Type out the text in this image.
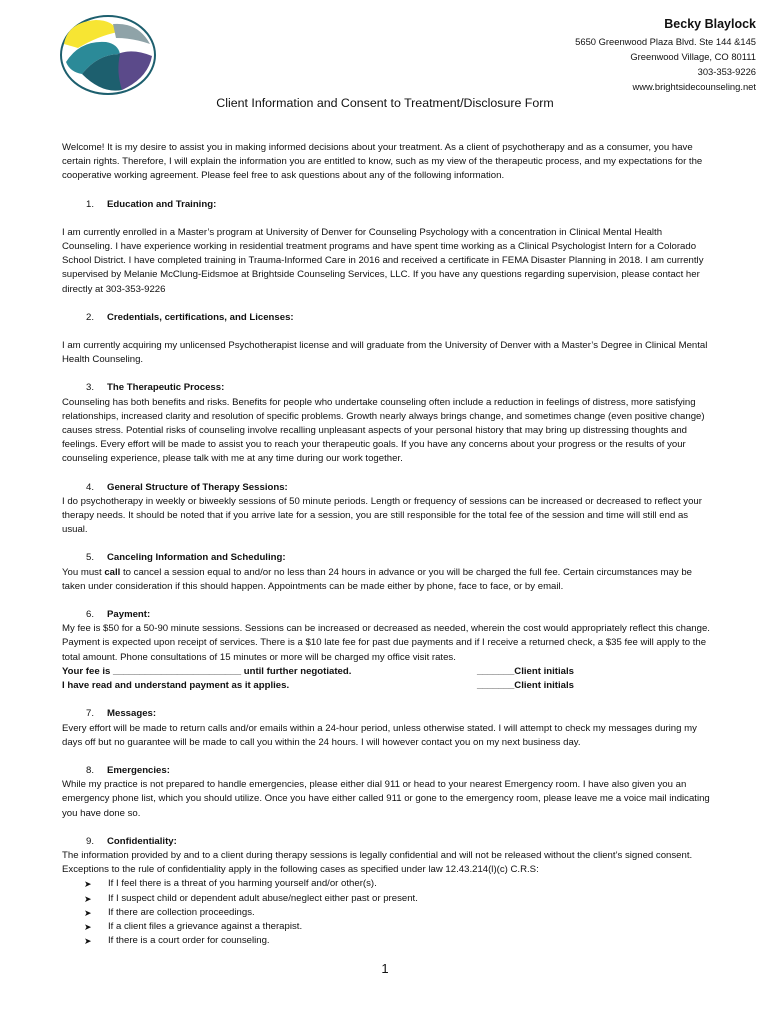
Becky Blaylock
5650 Greenwood Plaza Blvd. Ste 144 &145
Greenwood Village, CO 80111
303-353-9226
www.brightsidecounseling.net
Client Information and Consent to Treatment/Disclosure Form

Welcome! It is my desire to assist you in making informed decisions about your treatment. As a client of psychotherapy and as a consumer, you have certain rights. Therefore, I will explain the information you are entitled to know, such as my view of the therapeutic process, and my expectations for the cooperative working agreement. Please feel free to ask questions about any of the following information.

1.	Education and Training:

I am currently enrolled in a Master’s program at University of Denver for Counseling Psychology with a concentration in Clinical Mental Health Counseling. I have experience working in residential treatment programs and have spent time working as a Clinical Psychologist Intern for a Colorado School District. I have completed training in Trauma-Informed Care in 2016 and received a certificate in FEMA Disaster Planning in 2018. I am currently supervised by Melanie McClung-Eidsmoe at Brightside Counseling Services, LLC. If you have any questions regarding supervision, please contact her directly at 303-353-9226

2.	Credentials, certifications, and Licenses:

I am currently acquiring my unlicensed Psychotherapist license and will graduate from the University of Denver with a Master’s Degree in Clinical Mental Health Counseling.

3.	The Therapeutic Process:

Counseling has both benefits and risks. Benefits for people who undertake counseling often include a reduction in feelings of distress, more satisfying relationships, increased clarity and resolution of specific problems. Growth nearly always brings change, and sometimes change (even positive change) causes stress. Potential risks of counseling involve recalling unpleasant aspects of your personal history that may bring up distressing thoughts and feelings. Every effort will be made to assist you to reach your therapeutic goals. If you have any concerns about your progress or the results of your counseling experience, please talk with me at any time during our work together.

4.	General Structure of Therapy Sessions:

I do psychotherapy in weekly or biweekly sessions of 50 minute periods. Length or frequency of sessions can be increased or decreased to reflect your therapy needs. It should be noted that if you arrive late for a session, you are still responsible for the total fee of the session and time will still end as usual.

5.	Canceling Information and Scheduling:

You must call to cancel a session equal to and/or no less than 24 hours in advance or you will be charged the full fee. Certain circumstances may be taken under consideration if this should happen. Appointments can be made either by phone, face to face, or by email.

6.	Payment:

My fee is $50 for a 50-90 minute sessions. Sessions can be increased or decreased as needed, wherein the cost would appropriately reflect this change. Payment is expected upon receipt of services. There is a $10 late fee for past due payments and if I receive a returned check, a $35 fee will apply to the total amount. Phone consultations of 15 minutes or more will be charged my office visit rates.

Your fee is ________________________ until further negotiated.	_______Client initials
I have read and understand payment as it applies.	_______Client initials
7.	Messages:

Every effort will be made to return calls and/or emails within a 24-hour period, unless otherwise stated. I will attempt to check my messages during my days off but no guarantee will be made to call you within the 24 hours. I will however contact you on my next business day.

8.	Emergencies:

While my practice is not prepared to handle emergencies, please either dial 911 or head to your nearest Emergency room. I have also given you an emergency phone list, which you should utilize. Once you have either called 911 or gone to the emergency room, please leave me a voice mail indicating you have done so.

9.	Confidentiality:

The information provided by and to a client during therapy sessions is legally confidential and will not be released without the client’s signed consent. Exceptions to the rule of confidentiality apply in the following cases as specified under law 12.43.214(l)(c) C.R.S:

➤	If I feel there is a threat of you harming yourself and/or other(s).
➤	If I suspect child or dependent adult abuse/neglect either past or present.
➤	If there are collection proceedings.
➤	If a client files a grievance against a therapist.
➤	If there is a court order for counseling.
1
